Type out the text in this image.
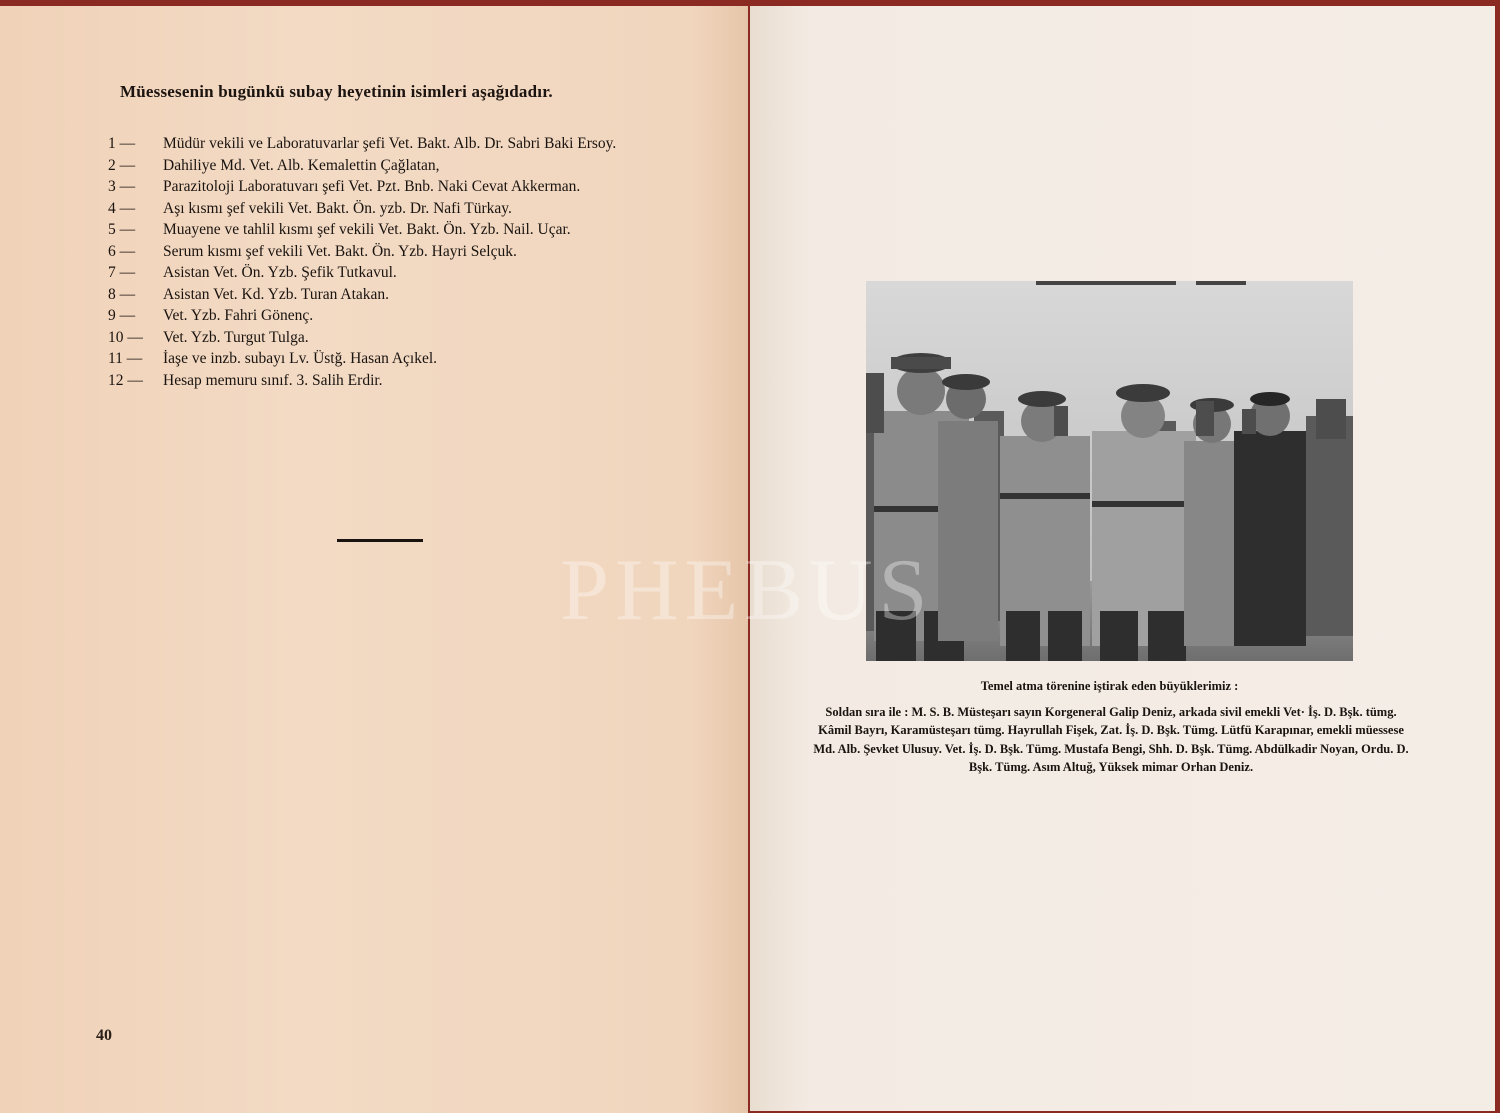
Müessesenin bugünkü subay heyetinin isimleri aşağıdadır.
1 —	Müdür vekili ve Laboratuvarlar şefi Vet. Bakt. Alb. Dr. Sabri Baki Ersoy.
2 —	Dahiliye Md. Vet. Alb. Kemalettin Çağlatan,
3 —	Parazitoloji Laboratuvarı şefi Vet. Pzt. Bnb. Naki Cevat Akkerman.
4 —	Aşı kısmı şef vekili Vet. Bakt. Ön. yzb. Dr. Nafi Türkay.
5 —	Muayene ve tahlil kısmı şef vekili Vet. Bakt. Ön. Yzb. Nail. Uçar.
6 —	Serum kısmı şef vekili Vet. Bakt. Ön. Yzb. Hayri Selçuk.
7 —	Asistan Vet. Ön. Yzb. Şefik Tutkavul.
8 —	Asistan Vet. Kd. Yzb. Turan Atakan.
9 —	Vet. Yzb. Fahri Gönenç.
10 —	Vet. Yzb. Turgut Tulga.
11 —	İaşe ve inzb. subayı Lv. Üstğ. Hasan Açıkel.
12 —	Hesap memuru sınıf. 3. Salih Erdir.
40
PHEBUS
Temel atma törenine iştirak eden büyüklerimiz :
Soldan sıra ile : M. S. B. Müsteşarı sayın Korgeneral Galip Deniz, arkada sivil emekli Vet· İş. D. Bşk. tümg. Kâmil Bayrı, Karamüsteşarı tümg. Hayrullah Fişek, Zat. İş. D. Bşk. Tümg. Lütfü Karapınar, emekli müessese Md. Alb. Şevket Ulusuy. Vet. İş. D. Bşk. Tümg. Mustafa Bengi, Shh. D. Bşk. Tümg. Abdülkadir Noyan, Ordu. D. Bşk. Tümg. Asım Altuğ, Yüksek mimar Orhan Deniz.
